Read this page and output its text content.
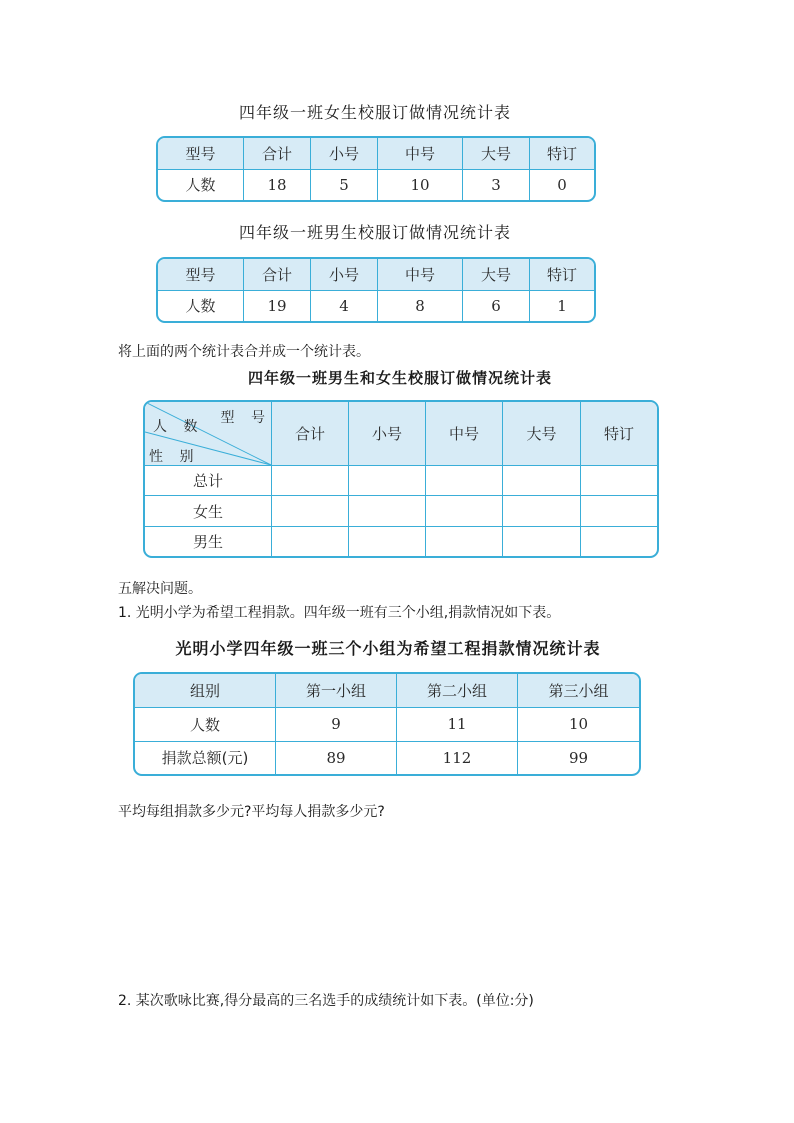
四年级一班女生校服订做情况统计表
型号	合计	小号	中号	大号	特订
人数	18	5	10	3	0
四年级一班男生校服订做情况统计表
型号	合计	小号	中号	大号	特订
人数	19	4	8	6	1
将上面的两个统计表合并成一个统计表。
四年级一班男生和女生校服订做情况统计表
型 号
人 数
性 别	合计	小号	中号	大号	特订
总计					
女生					
男生					
五解决问题。
1. 光明小学为希望工程捐款。四年级一班有三个小组,捐款情况如下表。
光明小学四年级一班三个小组为希望工程捐款情况统计表
组别	第一小组	第二小组	第三小组
人数	9	11	10
捐款总额(元)	89	112	99
平均每组捐款多少元?平均每人捐款多少元?
2. 某次歌咏比赛,得分最高的三名选手的成绩统计如下表。(单位:分)
